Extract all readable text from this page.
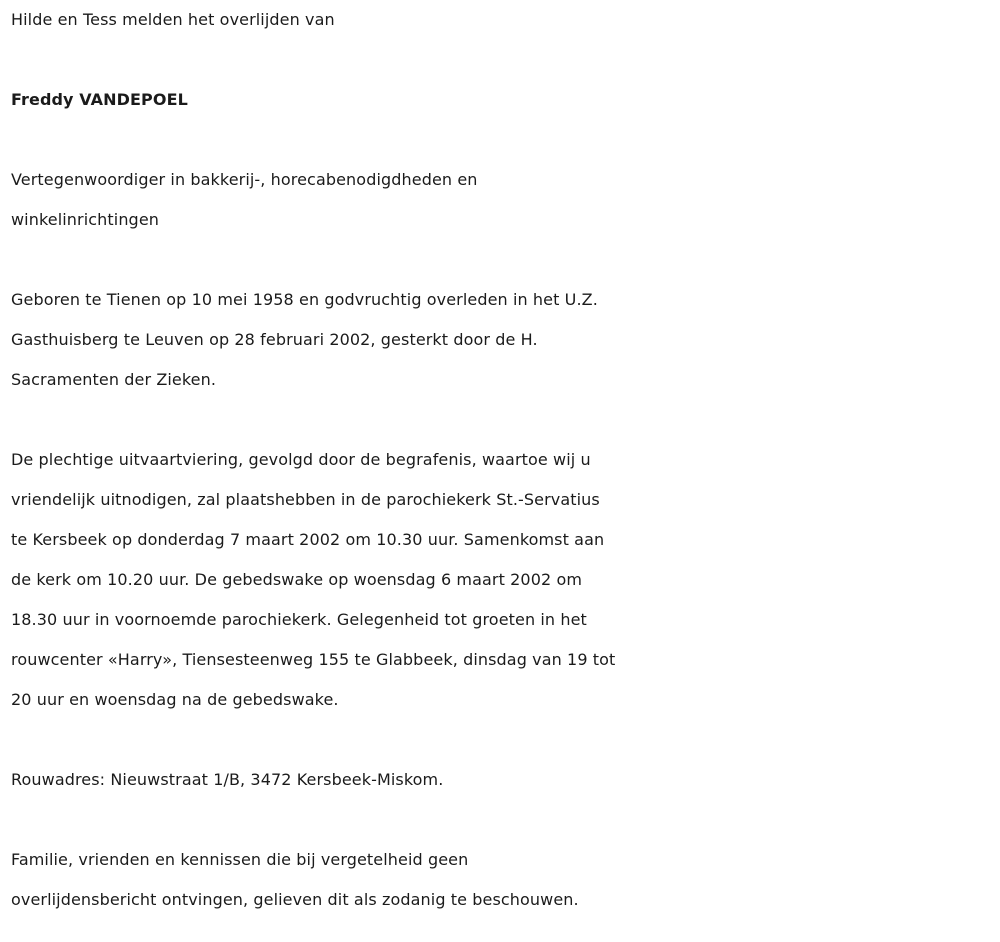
Hilde en Tess melden het overlijden van

Freddy VANDEPOEL

Vertegenwoordiger in bakkerij-, horecabenodigdheden en

winkelinrichtingen

Geboren te Tienen op 10 mei 1958 en godvruchtig overleden in het U.Z.

Gasthuisberg te Leuven op 28 februari 2002, gesterkt door de H.

Sacramenten der Zieken.

De plechtige uitvaartviering, gevolgd door de begrafenis, waartoe wij u

vriendelijk uitnodigen, zal plaatshebben in de parochiekerk St.-Servatius

te Kersbeek op donderdag 7 maart 2002 om 10.30 uur. Samenkomst aan

de kerk om 10.20 uur. De gebedswake op woensdag 6 maart 2002 om

18.30 uur in voornoemde parochiekerk. Gelegenheid tot groeten in het

rouwcenter «Harry», Tiensesteenweg 155 te Glabbeek, dinsdag van 19 tot

20 uur en woensdag na de gebedswake.

Rouwadres: Nieuwstraat 1/B, 3472 Kersbeek-Miskom.

Familie, vrienden en kennissen die bij vergetelheid geen

overlijdensbericht ontvingen, gelieven dit als zodanig te beschouwen.
